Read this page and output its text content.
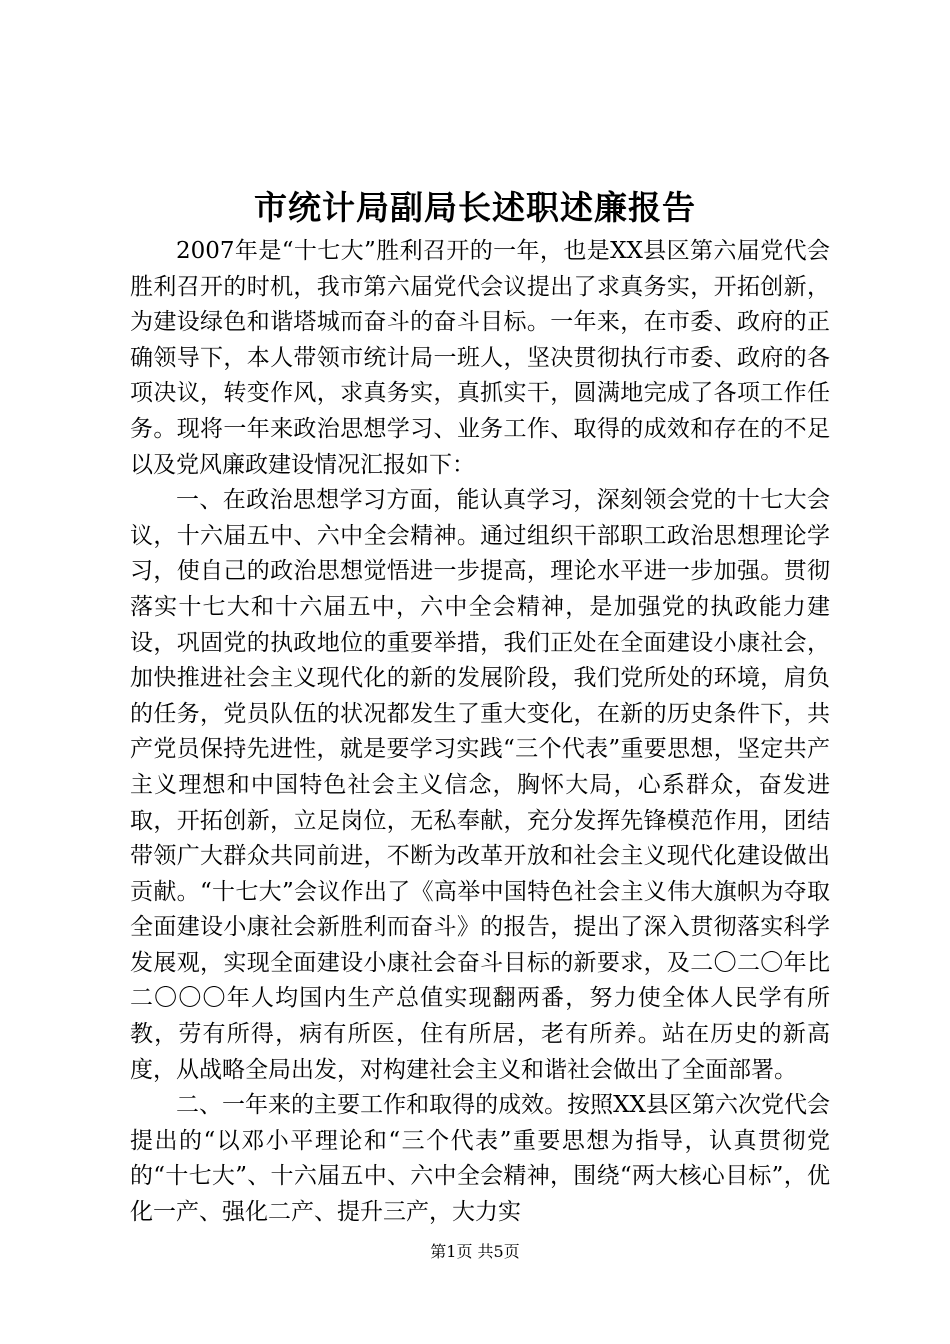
市统计局副局长述职述廉报告

2007年是“十七大”胜利召开的一年，也是XX县区第六届党代会胜利召开的时机，我市第六届党代会议提出了求真务实，开拓创新，为建设绿色和谐塔城而奋斗的奋斗目标。一年来，在市委、政府的正确领导下，本人带领市统计局一班人，坚决贯彻执行市委、政府的各项决议，转变作风，求真务实，真抓实干，圆满地完成了各项工作任务。现将一年来政治思想学习、业务工作、取得的成效和存在的不足以及党风廉政建设情况汇报如下：

一、在政治思想学习方面，能认真学习，深刻领会党的十七大会议，十六届五中、六中全会精神。通过组织干部职工政治思想理论学习，使自己的政治思想觉悟进一步提高，理论水平进一步加强。贯彻落实十七大和十六届五中，六中全会精神，是加强党的执政能力建设，巩固党的执政地位的重要举措，我们正处在全面建设小康社会，加快推进社会主义现代化的新的发展阶段，我们党所处的环境，肩负的任务，党员队伍的状况都发生了重大变化，在新的历史条件下，共产党员保持先进性，就是要学习实践“三个代表”重要思想，坚定共产主义理想和中国特色社会主义信念，胸怀大局，心系群众，奋发进取，开拓创新，立足岗位，无私奉献，充分发挥先锋模范作用，团结带领广大群众共同前进，不断为改革开放和社会主义现代化建设做出贡献。“十七大”会议作出了《高举中国特色社会主义伟大旗帜为夺取全面建设小康社会新胜利而奋斗》的报告，提出了深入贯彻落实科学发展观，实现全面建设小康社会奋斗目标的新要求，及二〇二〇年比二〇〇〇年人均国内生产总值实现翻两番，努力使全体人民学有所教，劳有所得，病有所医，住有所居，老有所养。站在历史的新高度，从战略全局出发，对构建社会主义和谐社会做出了全面部署。

二、一年来的主要工作和取得的成效。按照XX县区第六次党代会提出的“以邓小平理论和“三个代表”重要思想为指导，认真贯彻党的“十七大”、十六届五中、六中全会精神，围绕“两大核心目标”，优化一产、强化二产、提升三产，大力实

第1页 共5页
